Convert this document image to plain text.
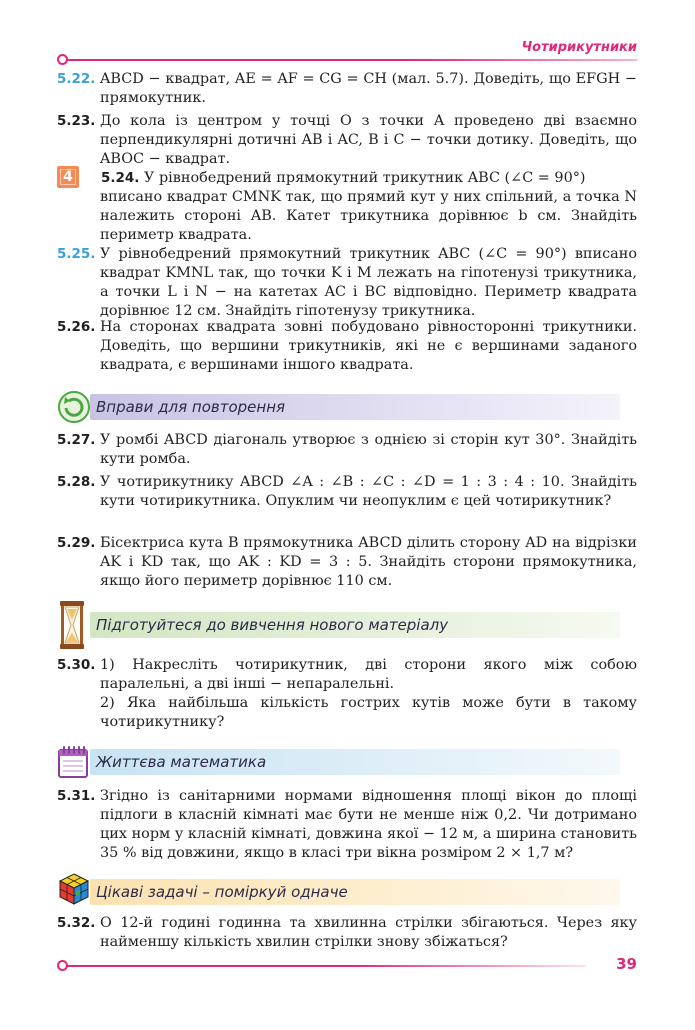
Чотирикутники
5.22. ABCD − квадрат, AE = AF = CG = CH (мал. 5.7). Доведіть, що EFGH − прямокутник.
5.23. До кола із центром у точці O з точки A проведено дві взаємно перпендикулярні дотичні AB і AC, B і C − точки дотику. Доведіть, що ABOC − квадрат.
4	5.24. У рівнобедрений прямокутний трикутник ABC (∠C = 90°)
вписано квадрат CMNK так, що прямий кут у них спільний, а точка N належить стороні AB. Катет трикутника дорівнює b см. Знайдіть периметр квадрата.
5.25. У рівнобедрений прямокутний трикутник ABC (∠C = 90°) вписано квадрат KMNL так, що точки K і M лежать на гіпотенузі трикутника, а точки L і N − на катетах AC і BC відповідно. Периметр квадрата дорівнює 12 см. Знайдіть гіпотенузу трикутника.
5.26. На сторонах квадрата зовні побудовано рівносторонні трикутники. Доведіть, що вершини трикутників, які не є вершинами заданого квадрата, є вершинами іншого квадрата.
Вправи для повторення
5.27. У ромбі ABCD діагональ утворює з однією зі сторін кут 30°. Знайдіть кути ромба.
5.28. У чотирикутнику ABCD ∠A : ∠B : ∠C : ∠D = 1 : 3 : 4 : 10. Знайдіть кути чотирикутника. Опуклим чи неопуклим є цей чотирикутник?
5.29. Бісектриса кута B прямокутника ABCD ділить сторону AD на відрізки AK і KD так, що AK : KD = 3 : 5. Знайдіть сторони прямокутника, якщо його периметр дорівнює 110 см.
Підготуйтеся до вивчення нового матеріалу
5.30. 1) Накресліть чотирикутник, дві сторони якого між собою паралельні, а дві інші − непаралельні.
2) Яка найбільша кількість гострих кутів може бути в такому чотирикутнику?
Життєва математика
5.31. Згідно із санітарними нормами відношення площі вікон до площі підлоги в класній кімнаті має бути не менше ніж 0,2. Чи дотримано цих норм у класній кімнаті, довжина якої − 12 м, а ширина становить 35 % від довжини, якщо в класі три вікна розміром 2 × 1,7 м?
Цікаві задачі – поміркуй одначе
5.32. О 12-й годині годинна та хвилинна стрілки збігаються. Через яку найменшу кількість хвилин стрілки знову збіжаться?
39
